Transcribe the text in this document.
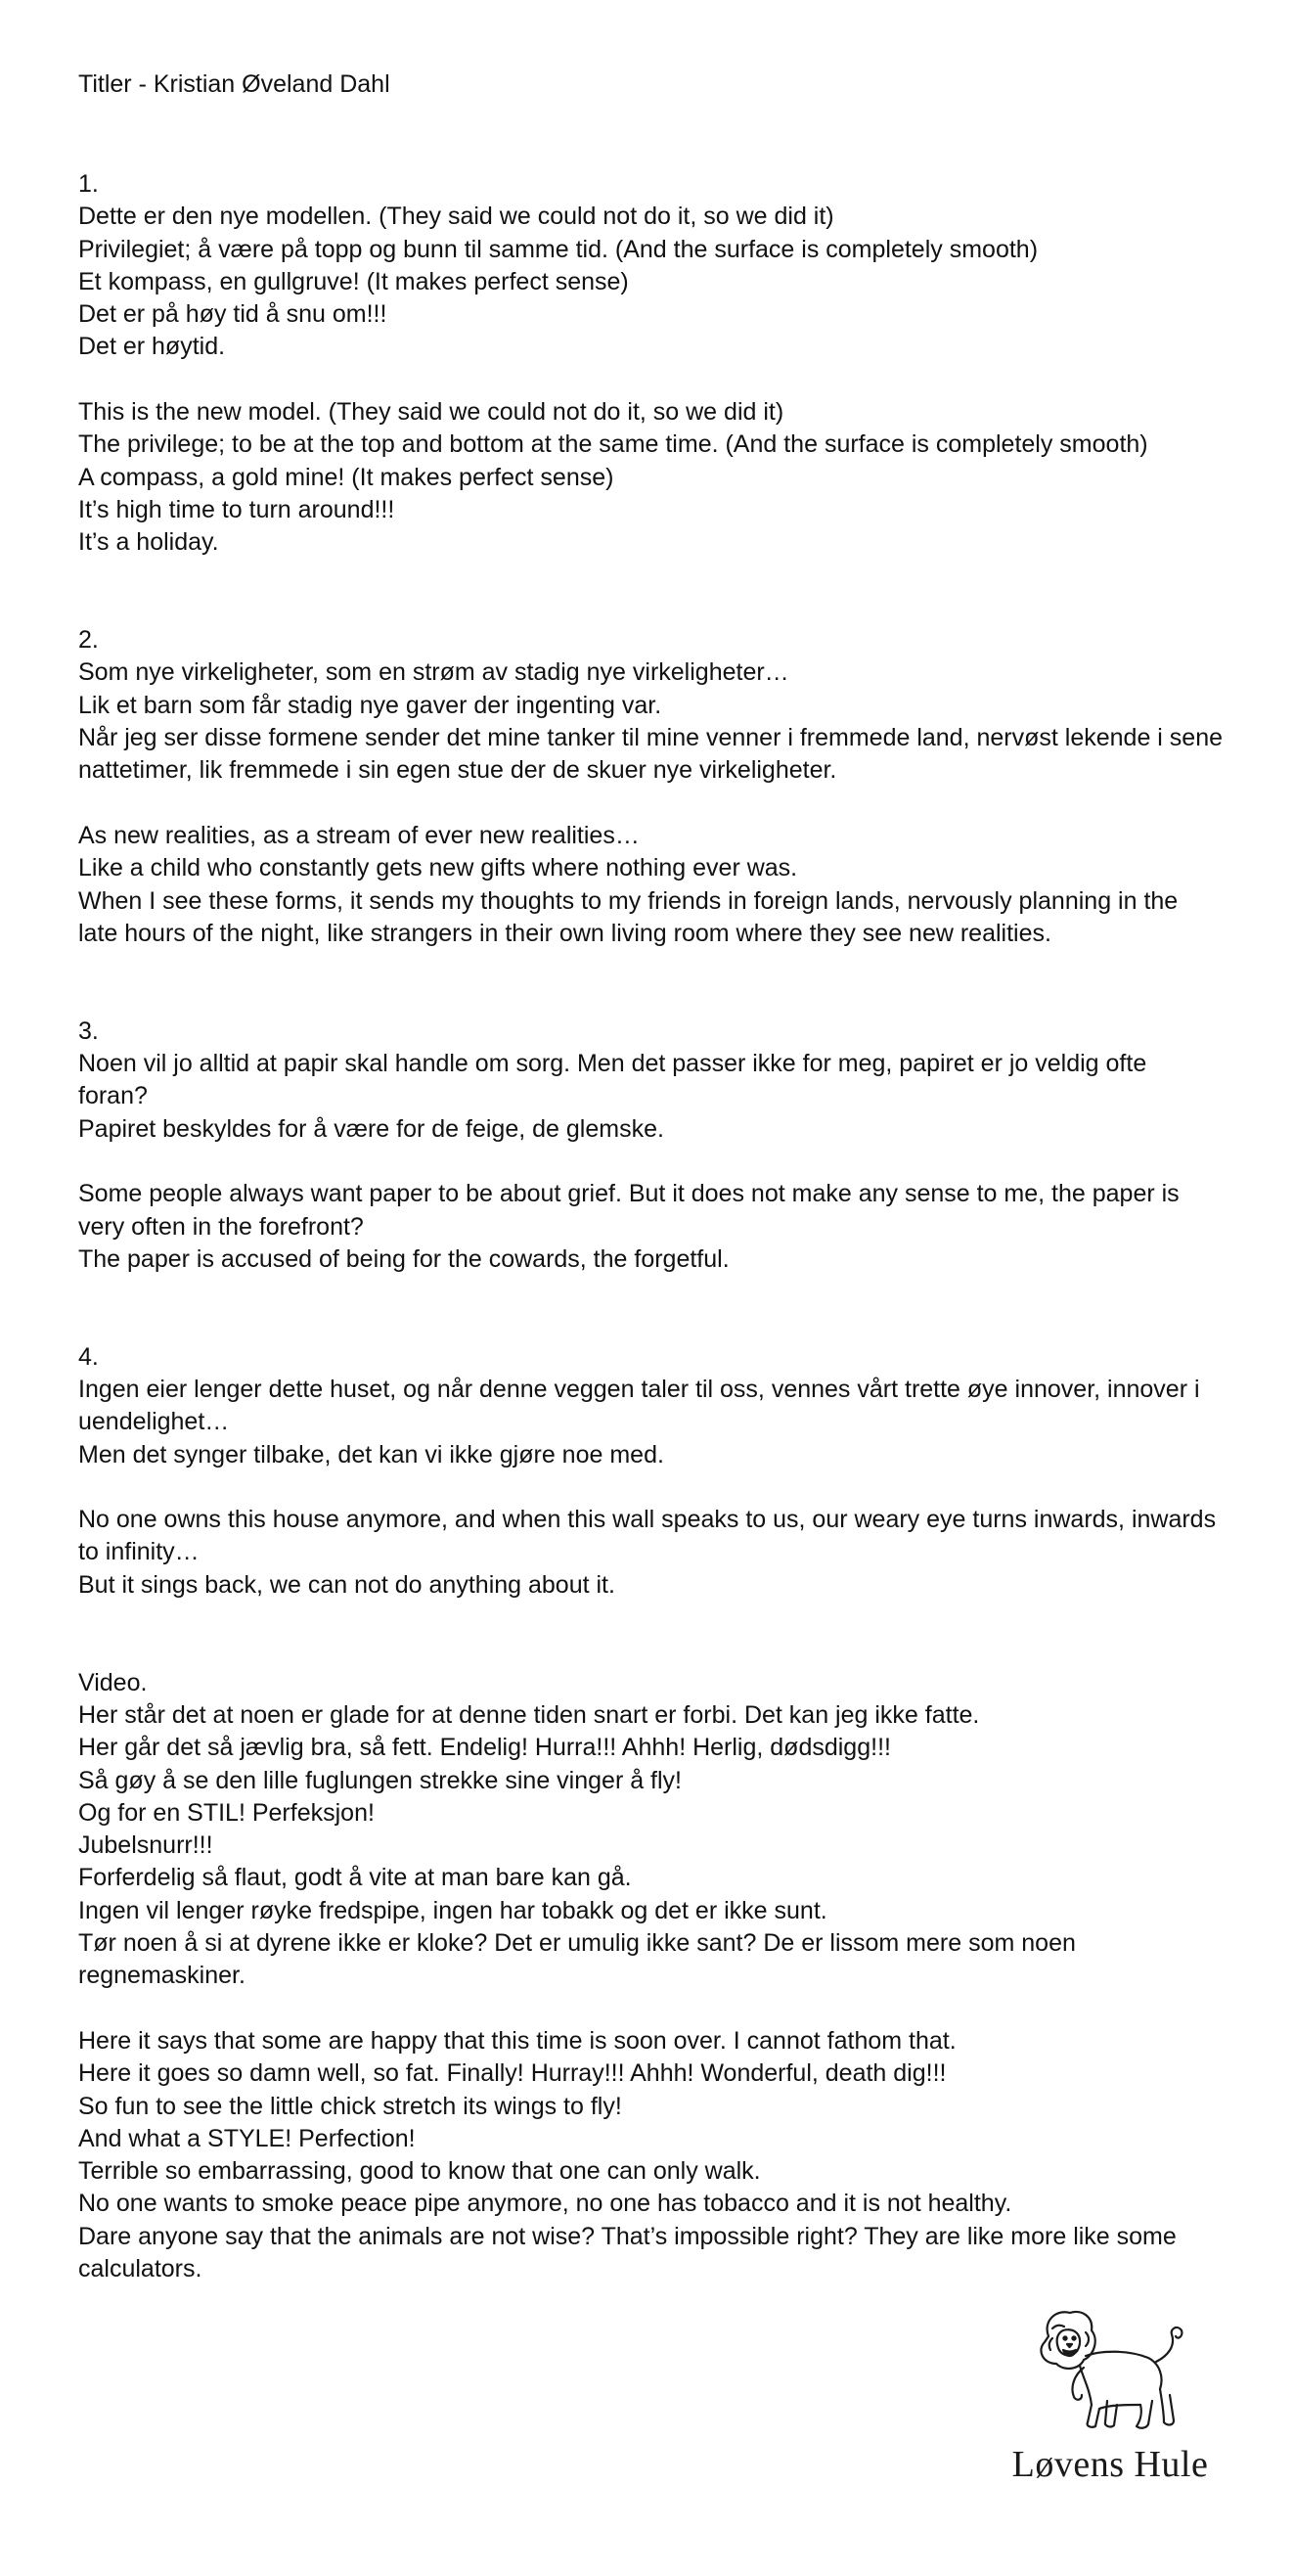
Titler - Kristian Øveland Dahl
1.
Dette er den nye modellen. (They said we could not do it, so we did it)
Privilegiet; å være på topp og bunn til samme tid. (And the surface is completely smooth)
Et kompass, en gullgruve! (It makes perfect sense)
Det er på høy tid å snu om!!!
Det er høytid.
This is the new model. (They said we could not do it, so we did it)
The privilege; to be at the top and bottom at the same time. (And the surface is completely smooth)
A compass, a gold mine! (It makes perfect sense)
It’s high time to turn around!!!
It’s a holiday.
2.
Som nye virkeligheter, som en strøm av stadig nye virkeligheter…
Lik et barn som får stadig nye gaver der ingenting var.
Når jeg ser disse formene sender det mine tanker til mine venner i fremmede land, nervøst lekende i sene nattetimer, lik fremmede i sin egen stue der de skuer nye virkeligheter.
As new realities, as a stream of ever new realities…
Like a child who constantly gets new gifts where nothing ever was.
When I see these forms, it sends my thoughts to my friends in foreign lands, nervously planning in the late hours of the night, like strangers in their own living room where they see new realities.
3.
Noen vil jo alltid at papir skal handle om sorg. Men det passer ikke for meg, papiret er jo veldig ofte foran?
Papiret beskyldes for å være for de feige, de glemske.
Some people always want paper to be about grief. But it does not make any sense to me, the paper is very often in the forefront?
The paper is accused of being for the cowards, the forgetful.
4.
Ingen eier lenger dette huset, og når denne veggen taler til oss, vennes vårt trette øye innover, innover i uendelighet…
Men det synger tilbake, det kan vi ikke gjøre noe med.
No one owns this house anymore, and when this wall speaks to us, our weary eye turns inwards, inwards to infinity…
But it sings back, we can not do anything about it.
Video.
Her står det at noen er glade for at denne tiden snart er forbi. Det kan jeg ikke fatte.
Her går det så jævlig bra, så fett. Endelig! Hurra!!! Ahhh! Herlig, dødsdigg!!!
Så gøy å se den lille fuglungen strekke sine vinger å fly!
Og for en STIL! Perfeksjon!
Jubelsnurr!!!
Forferdelig så flaut, godt å vite at man bare kan gå.
Ingen vil lenger røyke fredspipe, ingen har tobakk og det er ikke sunt.
Tør noen å si at dyrene ikke er kloke? Det er umulig ikke sant? De er lissom mere som noen regnemaskiner.
Here it says that some are happy that this time is soon over. I cannot fathom that.
Here it goes so damn well, so fat. Finally! Hurray!!! Ahhh! Wonderful, death dig!!!
So fun to see the little chick stretch its wings to fly!
And what a STYLE! Perfection!
Terrible so embarrassing, good to know that one can only walk.
No one wants to smoke peace pipe anymore, no one has tobacco and it is not healthy.
Dare anyone say that the animals are not wise? That’s impossible right? They are like more like some calculators.
Løvens Hule
